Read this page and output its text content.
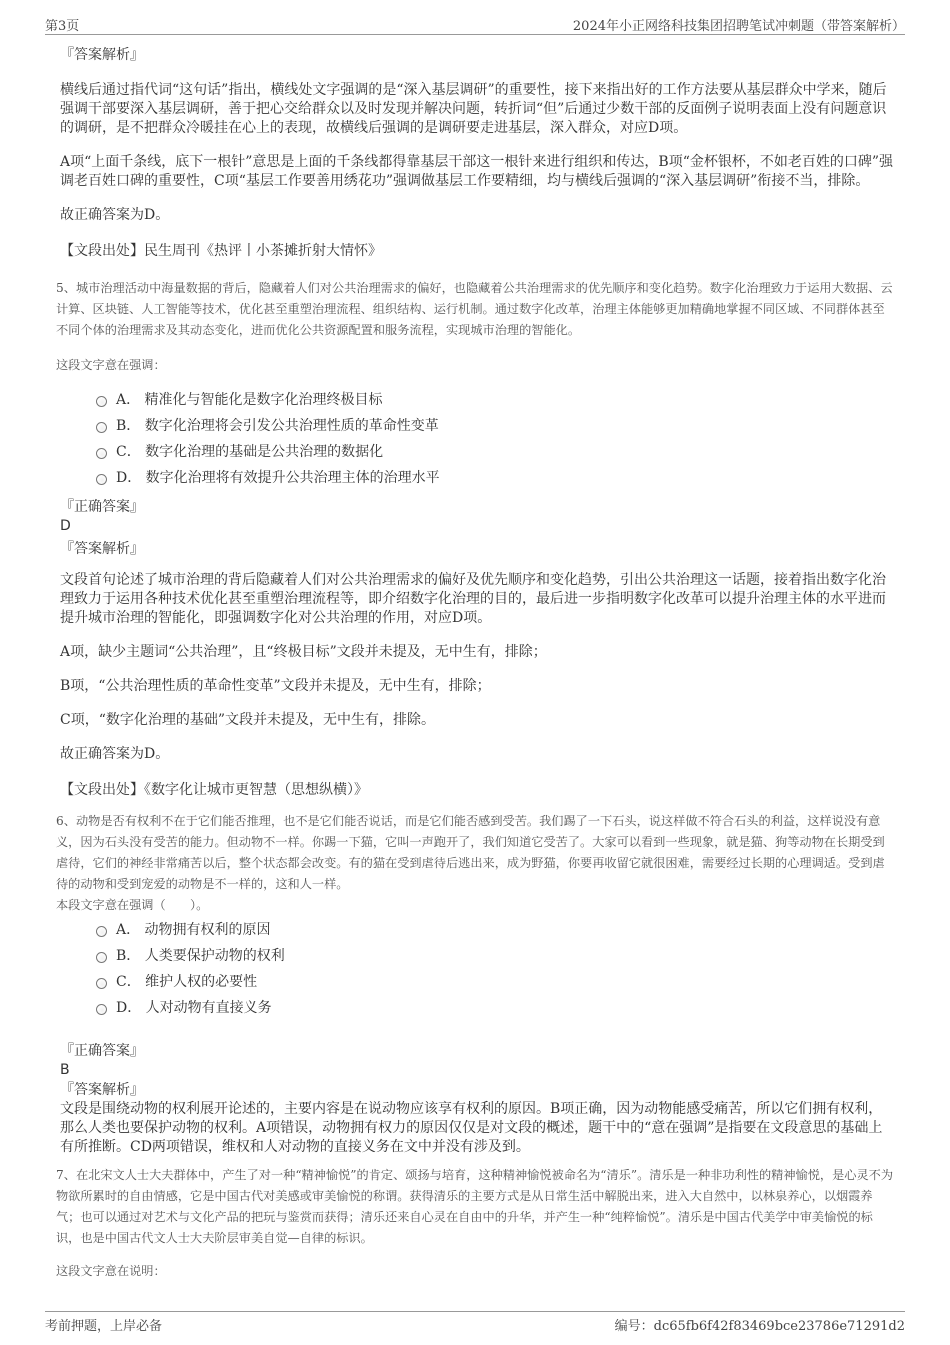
第3页	2024年小正网络科技集团招聘笔试冲刺题（带答案解析）
『答案解析』
横线后通过指代词“这句话”指出，横线处文字强调的是“深入基层调研”的重要性，接下来指出好的工作方法要从基层群众中学来，随后强调干部要深入基层调研，善于把心交给群众以及时发现并解决问题，转折词“但”后通过少数干部的反面例子说明表面上没有问题意识的调研，是不把群众冷暖挂在心上的表现，故横线后强调的是调研要走进基层，深入群众，对应D项。
A项“上面千条线，底下一根针”意思是上面的千条线都得靠基层干部这一根针来进行组织和传达，B项“金杯银杯，不如老百姓的口碑”强调老百姓口碑的重要性，C项“基层工作要善用绣花功”强调做基层工作要精细，均与横线后强调的“深入基层调研”衔接不当，排除。
故正确答案为D。
【文段出处】民生周刊《热评丨小茶摊折射大情怀》
5、城市治理活动中海量数据的背后，隐藏着人们对公共治理需求的偏好，也隐藏着公共治理需求的优先顺序和变化趋势。数字化治理致力于运用大数据、云计算、区块链、人工智能等技术，优化甚至重塑治理流程、组织结构、运行机制。通过数字化改革，治理主体能够更加精确地掌握不同区域、不同群体甚至不同个体的治理需求及其动态变化，进而优化公共资源配置和服务流程，实现城市治理的智能化。
这段文字意在强调：
A． 精准化与智能化是数字化治理终极目标
B． 数字化治理将会引发公共治理性质的革命性变革
C． 数字化治理的基础是公共治理的数据化
D． 数字化治理将有效提升公共治理主体的治理水平
『正确答案』
D
『答案解析』
文段首句论述了城市治理的背后隐藏着人们对公共治理需求的偏好及优先顺序和变化趋势，引出公共治理这一话题，接着指出数字化治理致力于运用各种技术优化甚至重塑治理流程等，即介绍数字化治理的目的，最后进一步指明数字化改革可以提升治理主体的水平进而提升城市治理的智能化，即强调数字化对公共治理的作用，对应D项。
A项，缺少主题词“公共治理”，且“终极目标”文段并未提及，无中生有，排除；
B项，“公共治理性质的革命性变革”文段并未提及，无中生有，排除；
C项，“数字化治理的基础”文段并未提及，无中生有，排除。
故正确答案为D。
【文段出处】《数字化让城市更智慧（思想纵横）》
6、动物是否有权利不在于它们能否推理，也不是它们能否说话，而是它们能否感到受苦。我们踢了一下石头，说这样做不符合石头的利益，这样说没有意义，因为石头没有受苦的能力。但动物不一样。你踢一下猫，它叫一声跑开了，我们知道它受苦了。大家可以看到一些现象，就是猫、狗等动物在长期受到虐待，它们的神经非常痛苦以后，整个状态都会改变。有的猫在受到虐待后逃出来，成为野猫，你要再收留它就很困难，需要经过长期的心理调适。受到虐待的动物和受到宠爱的动物是不一样的，这和人一样。
本段文字意在强调（　　）。
A． 动物拥有权利的原因
B． 人类要保护动物的权利
C． 维护人权的必要性
D． 人对动物有直接义务
『正确答案』
B
『答案解析』
文段是围绕动物的权利展开论述的，主要内容是在说动物应该享有权利的原因。B项正确，因为动物能感受痛苦，所以它们拥有权利，那么人类也要保护动物的权利。A项错误，动物拥有权力的原因仅仅是对文段的概述，题干中的“意在强调”是指要在文段意思的基础上有所推断。CD两项错误，维权和人对动物的直接义务在文中并没有涉及到。
7、在北宋文人士大夫群体中，产生了对一种“精神愉悦”的肯定、颂扬与培育，这种精神愉悦被命名为“清乐”。清乐是一种非功利性的精神愉悦，是心灵不为物欲所累时的自由情感，它是中国古代对美感或审美愉悦的称谓。获得清乐的主要方式是从日常生活中解脱出来，进入大自然中，以林泉养心，以烟霞养气；也可以通过对艺术与文化产品的把玩与鉴赏而获得；清乐还来自心灵在自由中的升华，并产生一种“纯粹愉悦”。清乐是中国古代美学中审美愉悦的标识，也是中国古代文人士大夫阶层审美自觉—自律的标识。
这段文字意在说明：
考前押题，上岸必备	编号：dc65fb6f42f83469bce23786e71291d2
